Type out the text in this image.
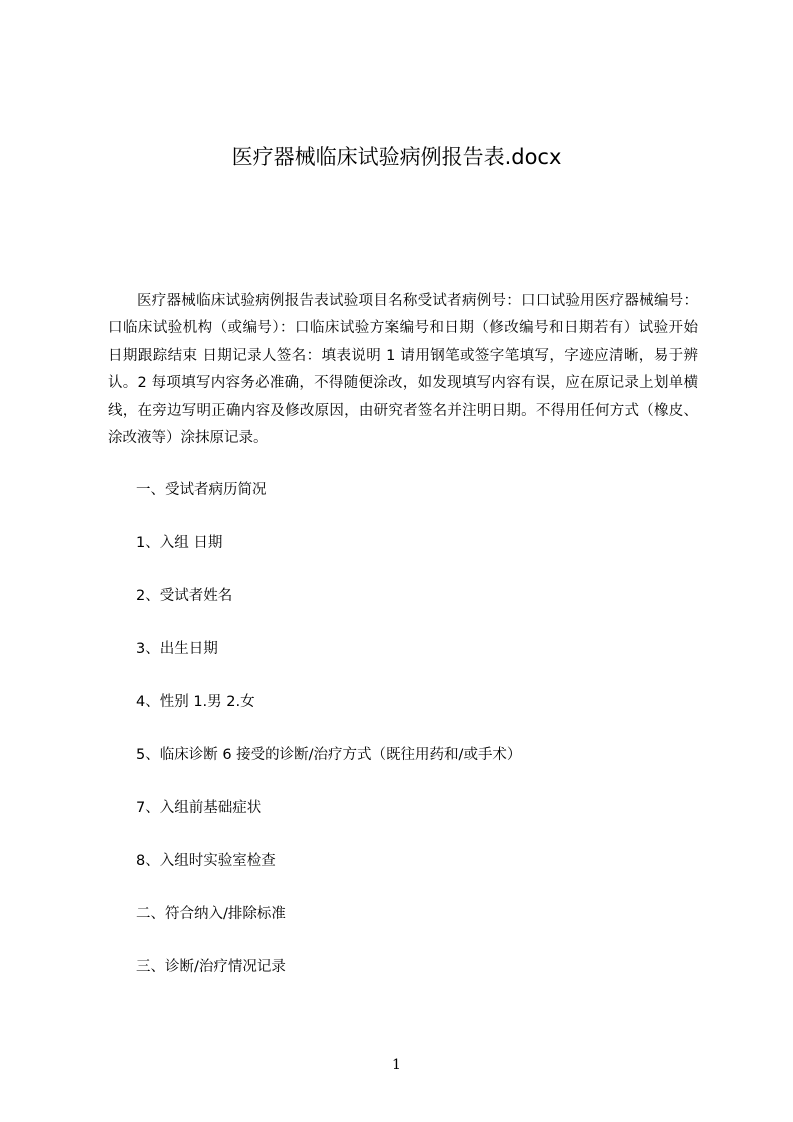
医疗器械临床试验病例报告表.docx

医疗器械临床试验病例报告表试验项目名称受试者病例号：口口试验用医疗器械编号：口临床试验机构（或编号）：口临床试验方案编号和日期（修改编号和日期若有）试验开始 日期跟踪结束 日期记录人签名：填表说明 1 请用钢笔或签字笔填写，字迹应清晰，易于辨认。2 每项填写内容务必准确，不得随便涂改，如发现填写内容有误，应在原记录上划单横线，在旁边写明正确内容及修改原因，由研究者签名并注明日期。不得用任何方式（橡皮、涂改液等）涂抹原记录。

一、受试者病历简况

1、入组 日期

2、受试者姓名

3、出生日期

4、性别 1.男 2.女

5、临床诊断 6 接受的诊断/治疗方式（既往用药和/或手术）

7、入组前基础症状

8、入组时实验室检查

二、符合纳入/排除标准

三、诊断/治疗情况记录

1
